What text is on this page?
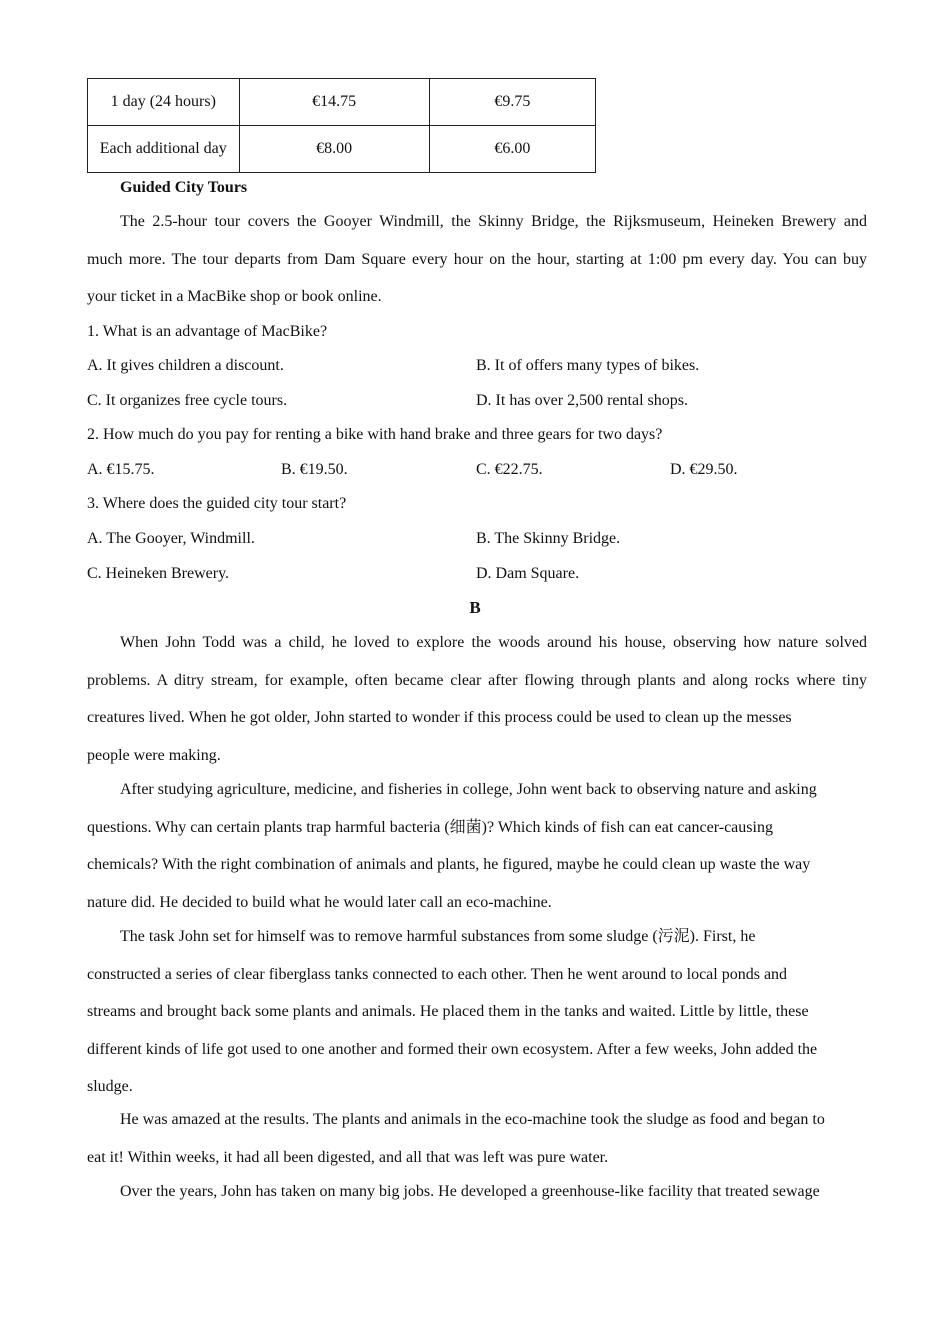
1 day (24 hours)	€14.75	€9.75
Each additional day	€8.00	€6.00
Guided City Tours
The 2.5-hour tour covers the Gooyer Windmill, the Skinny Bridge, the Rijksmuseum, Heineken Brewery and
much more. The tour departs from Dam Square every hour on the hour, starting at 1:00 pm every day. You can buy
your ticket in a MacBike shop or book online.
1. What is an advantage of MacBike?
A. It gives children a discount.	B. It of offers many types of bikes.
C. It organizes free cycle tours.	D. It has over 2,500 rental shops.
2. How much do you pay for renting a bike with hand brake and three gears for two days?
A. €15.75.	B. €19.50.	C. €22.75.	D. €29.50.
3. Where does the guided city tour start?
A. The Gooyer, Windmill.	B. The Skinny Bridge.
C. Heineken Brewery.	D. Dam Square.
B
When John Todd was a child, he loved to explore the woods around his house, observing how nature solved
problems. A ditry stream, for example, often became clear after flowing through plants and along rocks where tiny
creatures lived. When he got older, John started to wonder if this process could be used to clean up the messes
people were making.
After studying agriculture, medicine, and fisheries in college, John went back to observing nature and asking
questions. Why can certain plants trap harmful bacteria (细菌)? Which kinds of fish can eat cancer-causing
chemicals? With the right combination of animals and plants, he figured, maybe he could clean up waste the way
nature did. He decided to build what he would later call an eco-machine.
The task John set for himself was to remove harmful substances from some sludge (污泥). First, he
constructed a series of clear fiberglass tanks connected to each other. Then he went around to local ponds and
streams and brought back some plants and animals. He placed them in the tanks and waited. Little by little, these
different kinds of life got used to one another and formed their own ecosystem. After a few weeks, John added the
sludge.
He was amazed at the results. The plants and animals in the eco-machine took the sludge as food and began to
eat it! Within weeks, it had all been digested, and all that was left was pure water.
Over the years, John has taken on many big jobs. He developed a greenhouse-like facility that treated sewage
